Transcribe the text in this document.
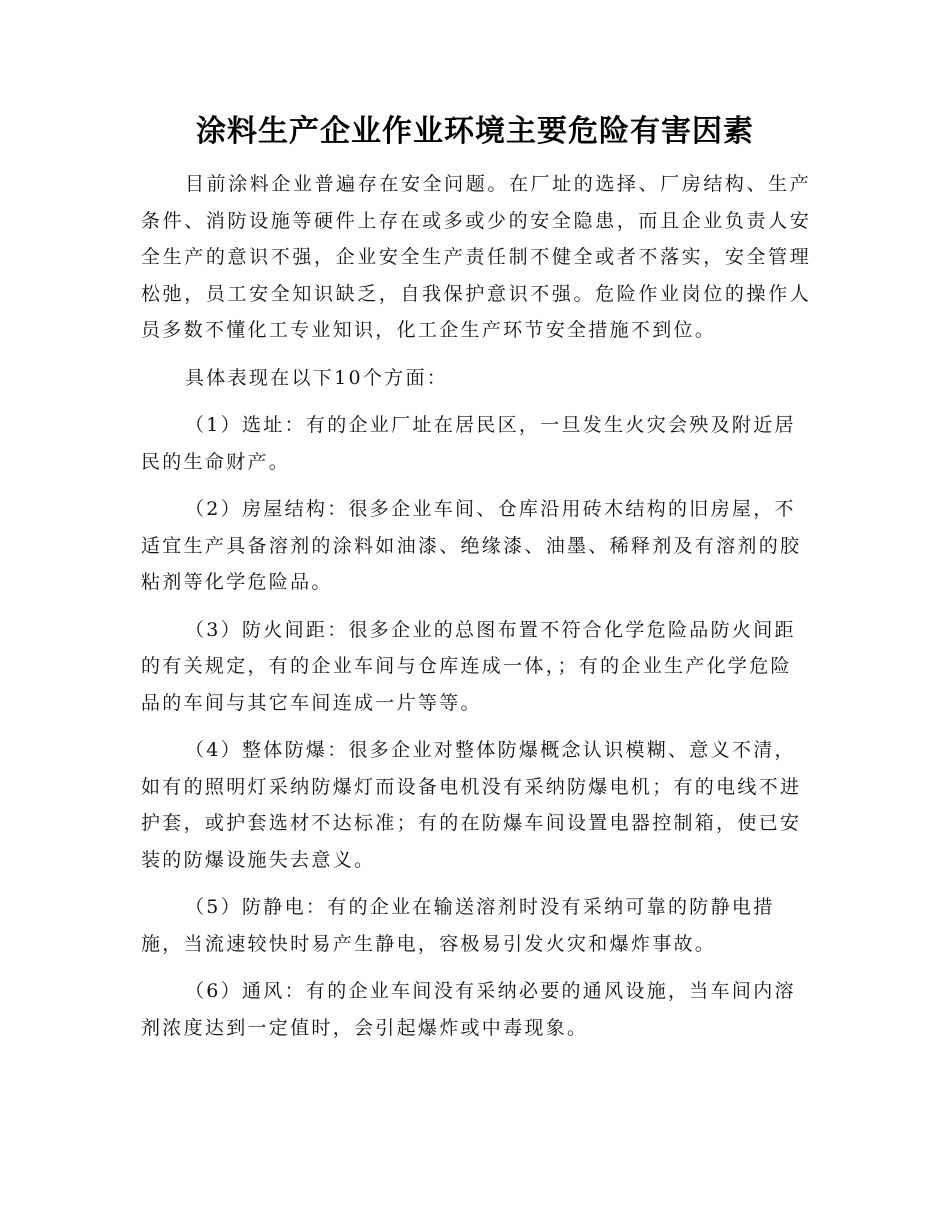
涂料生产企业作业环境主要危险有害因素

目前涂料企业普遍存在安全问题。在厂址的选择、厂房结构、生产条件、消防设施等硬件上存在或多或少的安全隐患，而且企业负责人安全生产的意识不强，企业安全生产责任制不健全或者不落实，安全管理松弛，员工安全知识缺乏，自我保护意识不强。危险作业岗位的操作人员多数不懂化工专业知识，化工企生产环节安全措施不到位。

具体表现在以下10个方面：

（1）选址：有的企业厂址在居民区，一旦发生火灾会殃及附近居民的生命财产。

（2）房屋结构：很多企业车间、仓库沿用砖木结构的旧房屋，不适宜生产具备溶剂的涂料如油漆、绝缘漆、油墨、稀释剂及有溶剂的胶粘剂等化学危险品。

（3）防火间距：很多企业的总图布置不符合化学危险品防火间距的有关规定，有的企业车间与仓库连成一体，；有的企业生产化学危险品的车间与其它车间连成一片等等。

（4）整体防爆：很多企业对整体防爆概念认识模糊、意义不清，如有的照明灯采纳防爆灯而设备电机没有采纳防爆电机；有的电线不进护套，或护套选材不达标准；有的在防爆车间设置电器控制箱，使已安装的防爆设施失去意义。

（5）防静电：有的企业在输送溶剂时没有采纳可靠的防静电措施，当流速较快时易产生静电，容极易引发火灾和爆炸事故。

（6）通风：有的企业车间没有采纳必要的通风设施，当车间内溶剂浓度达到一定值时，会引起爆炸或中毒现象。
